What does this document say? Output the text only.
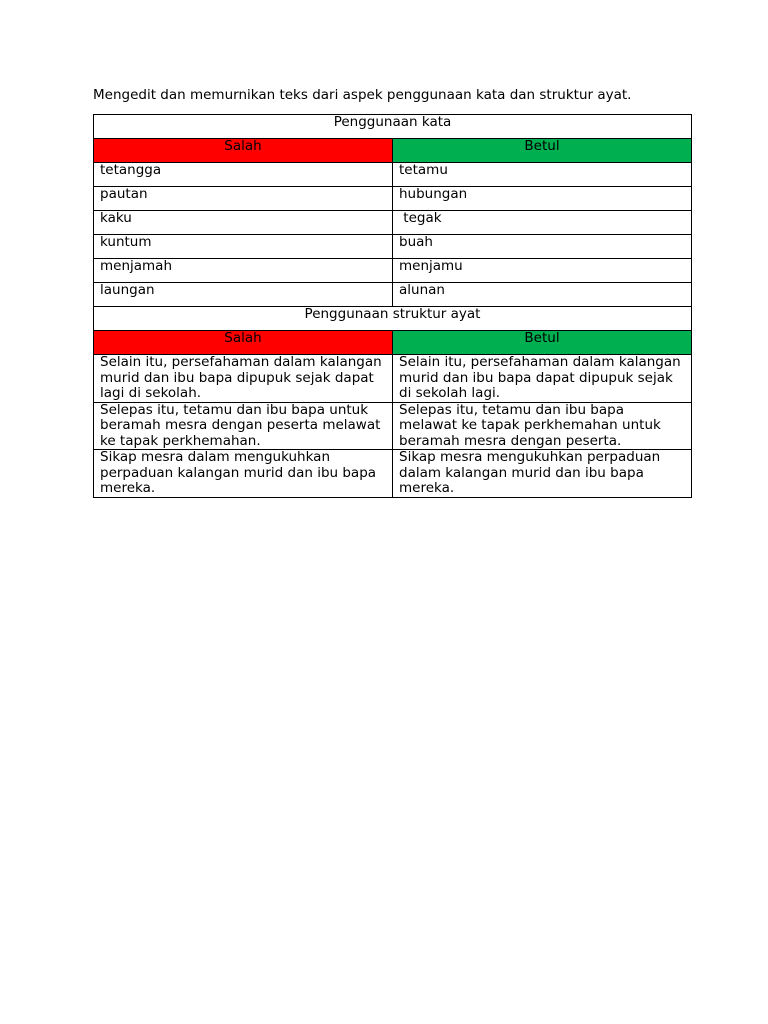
Mengedit dan memurnikan teks dari aspek penggunaan kata dan struktur ayat.
Penggunaan kata	
Salah	Betul
tetangga	tetamu
pautan	hubungan
kaku	tegak
kuntum	buah
menjamah	menjamu
laungan	alunan
Penggunaan struktur ayat	
Salah	Betul
Selain itu, persefahaman dalam kalangan murid dan ibu bapa dipupuk sejak dapat lagi di sekolah.	Selain itu, persefahaman dalam kalangan murid dan ibu bapa dapat dipupuk sejak di sekolah lagi.
Selepas itu, tetamu dan ibu bapa untuk beramah mesra dengan peserta melawat ke tapak perkhemahan.	Selepas itu, tetamu dan ibu bapa melawat ke tapak perkhemahan untuk beramah mesra dengan peserta.
Sikap mesra dalam mengukuhkan perpaduan kalangan murid dan ibu bapa mereka.	Sikap mesra mengukuhkan perpaduan dalam kalangan murid dan ibu bapa mereka.
